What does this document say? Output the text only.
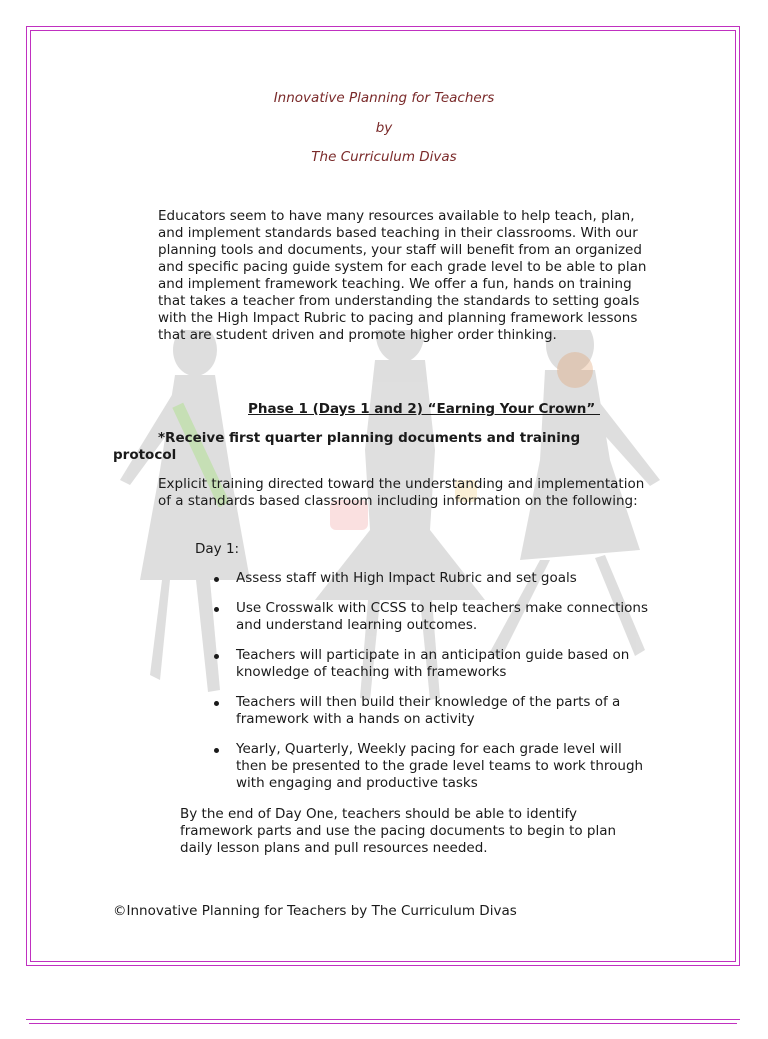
Innovative Planning for Teachers
by
The Curriculum Divas
Educators seem to have many resources available to help teach, plan, and implement standards based teaching in their classrooms. With our planning tools and documents, your staff will benefit from an organized and specific pacing guide system for each grade level to be able to plan and implement framework teaching. We offer a fun, hands on training that takes a teacher from understanding the standards to setting goals with the High Impact Rubric to pacing and planning framework lessons that are student driven and promote higher order thinking.
Phase 1 (Days 1 and 2) “Earning Your Crown”
*Receive first quarter planning documents and training protocol
Explicit training directed toward the understanding and implementation of a standards based classroom including information on the following:
Day 1:
Assess staff with High Impact Rubric and set goals
Use Crosswalk with CCSS to help teachers make connections and understand learning outcomes.
Teachers will participate in an anticipation guide based on knowledge of teaching with frameworks
Teachers will then build their knowledge of the parts of a framework with a hands on activity
Yearly, Quarterly, Weekly pacing for each grade level will then be presented to the grade level teams to work through with engaging and productive tasks
By the end of Day One, teachers should be able to identify framework parts and use the pacing documents to begin to plan daily lesson plans and pull resources needed.
©Innovative Planning for Teachers by The Curriculum Divas
